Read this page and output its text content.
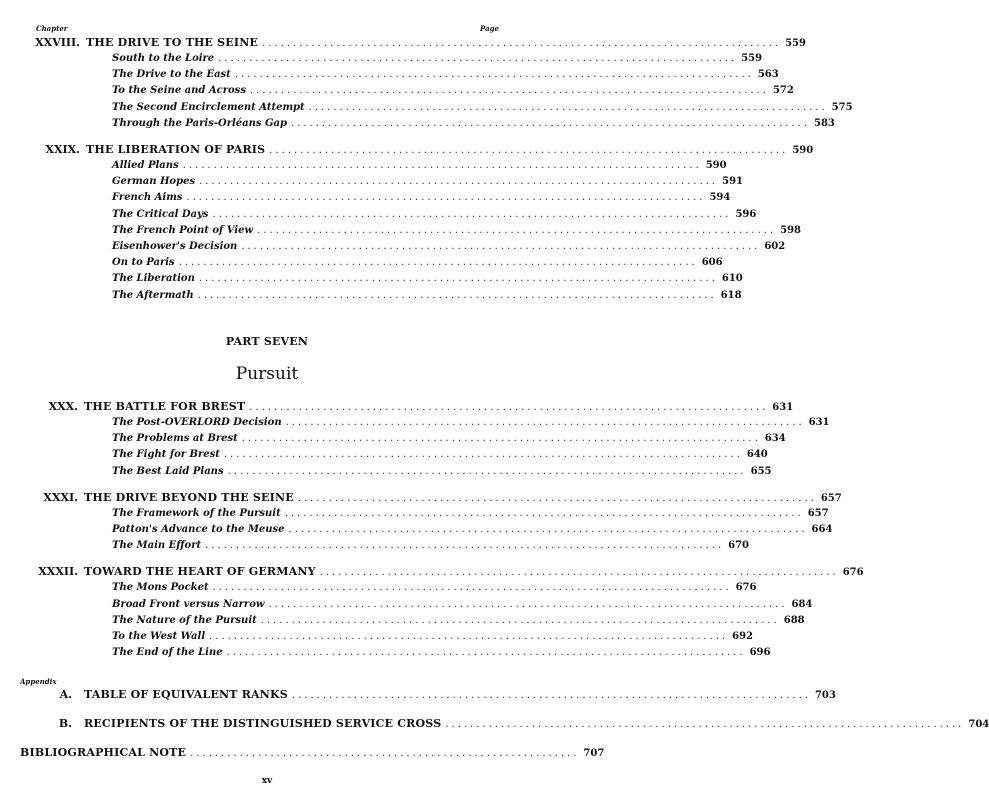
Chapter	Page
XXVIII. THE DRIVE TO THE SEINE .................................................................................... 559
South to the Loire .................................................................................... 559
The Drive to the East .................................................................................... 563
To the Seine and Across .................................................................................... 572
The Second Encirclement Attempt .................................................................................... 575
Through the Paris-Orléans Gap .................................................................................... 583
XXIX. THE LIBERATION OF PARIS .................................................................................... 590
Allied Plans .................................................................................... 590
German Hopes .................................................................................... 591
French Aims .................................................................................... 594
The Critical Days .................................................................................... 596
The French Point of View .................................................................................... 598
Eisenhower's Decision .................................................................................... 602
On to Paris .................................................................................... 606
The Liberation .................................................................................... 610
The Aftermath .................................................................................... 618
PART SEVEN
Pursuit
XXX. THE BATTLE FOR BREST .................................................................................... 631
The Post-OVERLORD Decision .................................................................................... 631
The Problems at Brest .................................................................................... 634
The Fight for Brest .................................................................................... 640
The Best Laid Plans .................................................................................... 655
XXXI. THE DRIVE BEYOND THE SEINE .................................................................................... 657
The Framework of the Pursuit .................................................................................... 657
Patton's Advance to the Meuse .................................................................................... 664
The Main Effort .................................................................................... 670
XXXII. TOWARD THE HEART OF GERMANY .................................................................................... 676
The Mons Pocket .................................................................................... 676
Broad Front versus Narrow .................................................................................... 684
The Nature of the Pursuit .................................................................................... 688
To the West Wall .................................................................................... 692
The End of the Line .................................................................................... 696
Appendix
A. TABLE OF EQUIVALENT RANKS .................................................................................... 703
B. RECIPIENTS OF THE DISTINGUISHED SERVICE CROSS .................................................................................... 704
BIBLIOGRAPHICAL NOTE ............................................................... 707
xv
